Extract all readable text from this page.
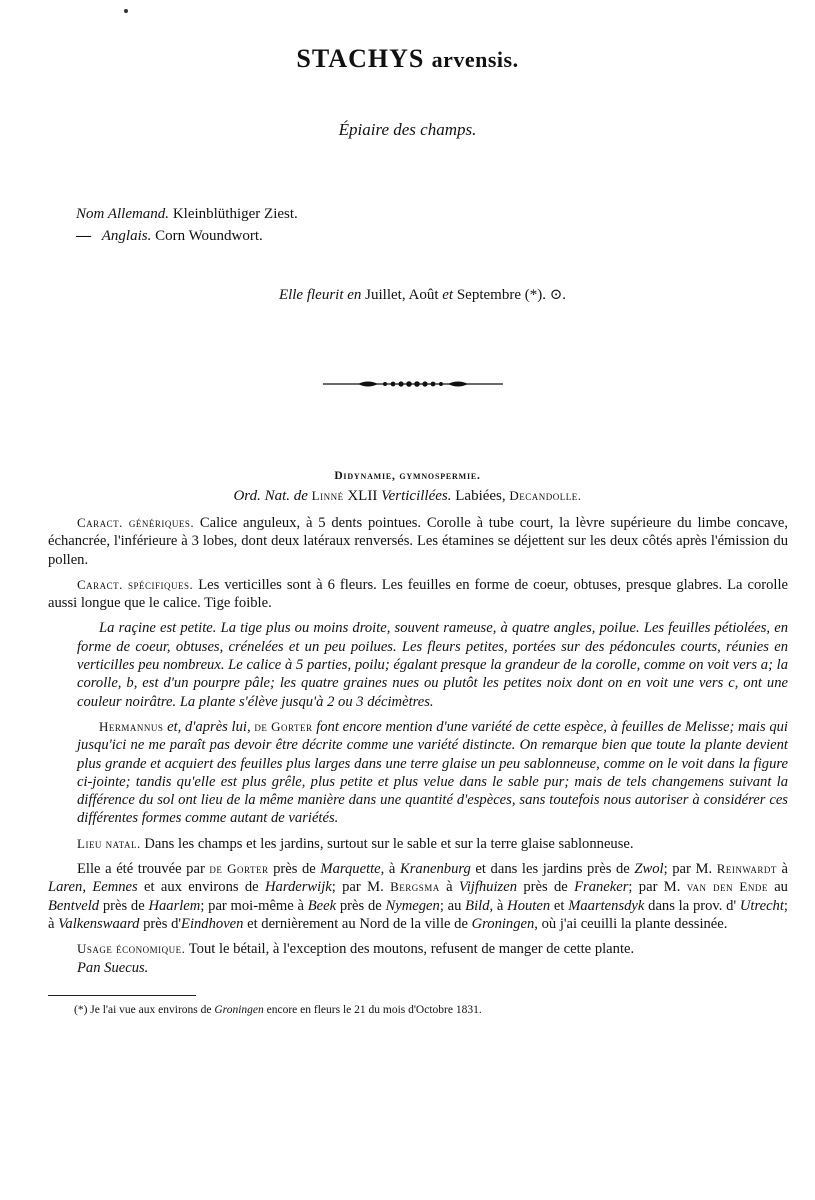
STACHYS arvensis.
Épiaire des champs.
Nom Allemand. Kleinblüthiger Ziest.
— Anglais. Corn Woundwort.
Elle fleurit en Juillet, Août et Septembre (*). ⊙.
Didynamie, gymnospermie.
Ord. Nat. de Linné XLII Verticillées. Labiées, Decandolle.

Caract. génériques. Calice anguleux, à 5 dents pointues. Corolle à tube court, la lèvre supérieure du limbe concave, échancrée, l'inférieure à 3 lobes, dont deux latéraux renversés. Les étamines se déjettent sur les deux côtés après l'émission du pollen.

Caract. spécifiques. Les verticilles sont à 6 fleurs. Les feuilles en forme de coeur, obtuses, presque glabres. La corolle aussi longue que le calice. Tige foible.

La raçine est petite. La tige plus ou moins droite, souvent rameuse, à quatre angles, poilue. Les feuilles pétiolées, en forme de coeur, obtuses, crénelées et un peu poilues. Les fleurs petites, portées sur des pédoncules courts, réunies en verticilles peu nombreux. Le calice à 5 parties, poilu; égalant presque la grandeur de la corolle, comme on voit vers a; la corolle, b, est d'un pourpre pâle; les quatre graines nues ou plutôt les petites noix dont on en voit une vers c, ont une couleur noirâtre. La plante s'élève jusqu'à 2 ou 3 décimètres.

Hermannus et, d'après lui, de Gorter font encore mention d'une variété de cette espèce, à feuilles de Melisse; mais qui jusqu'ici ne me paraît pas devoir être décrite comme une variété distincte. On remarque bien que toute la plante devient plus grande et acquiert des feuilles plus larges dans une terre glaise un peu sablonneuse, comme on le voit dans la figure ci-jointe; tandis qu'elle est plus grêle, plus petite et plus velue dans le sable pur; mais de tels changemens suivant la différence du sol ont lieu de la même manière dans une quantité d'espèces, sans toutefois nous autoriser à considérer ces différentes formes comme autant de variétés.

Lieu natal. Dans les champs et les jardins, surtout sur le sable et sur la terre glaise sablonneuse.

Elle a été trouvée par de Gorter près de Marquette, à Kranenburg et dans les jardins près de Zwol; par M. Reinwardt à Laren, Eemnes et aux environs de Harderwijk; par M. Bergsma à Vijfhuizen près de Franeker; par M. van den Ende au Bentveld près de Haarlem; par moi-même à Beek près de Nymegen; au Bild, à Houten et Maartensdyk dans la prov. d' Utrecht; à Valkenswaard près d'Eindhoven et dernièrement au Nord de la ville de Groningen, où j'ai ceuilli la plante dessinée.

Usage économique. Tout le bétail, à l'exception des moutons, refusent de manger de cette plante.

Pan Suecus.

(*) Je l'ai vue aux environs de Groningen encore en fleurs le 21 du mois d'Octobre 1831.
